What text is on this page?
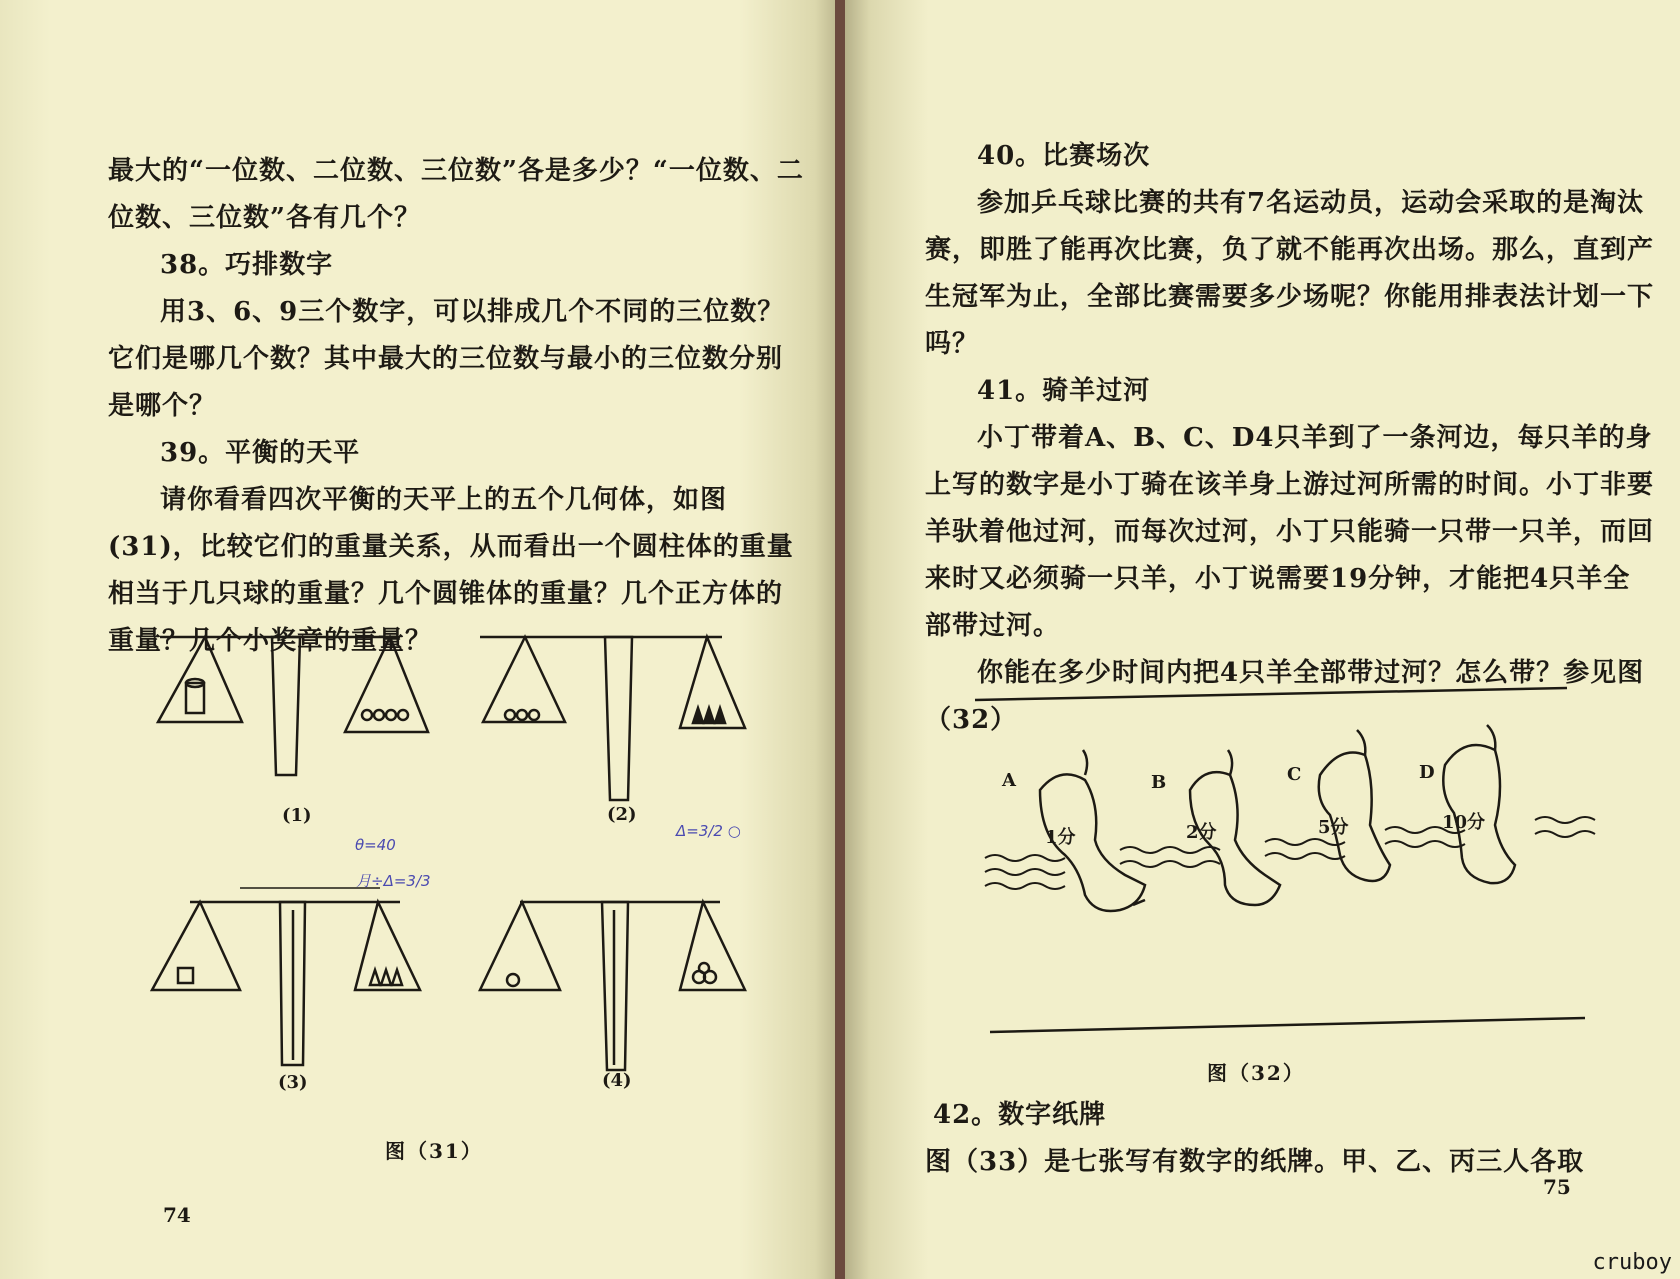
最大的“一位数、二位数、三位数”各是多少？“一位数、二位数、三位数”各有几个？

38。巧排数字

用3、6、9三个数字，可以排成几个不同的三位数？它们是哪几个数？其中最大的三位数与最小的三位数分别是哪个？

39。平衡的天平

请你看看四次平衡的天平上的五个几何体，如图(31)，比较它们的重量关系，从而看出一个圆柱体的重量相当于几只球的重量？几个圆锥体的重量？几个正方体的重量？几个小奖章的重量？

(1)	(2)
(3)	(4)
θ=40
Δ=3/2 ○
月÷Δ=3/3
图（31）
74

40。比赛场次

参加乒乓球比赛的共有7名运动员，运动会采取的是淘汰赛，即胜了能再次比赛，负了就不能再次出场。那么，直到产生冠军为止，全部比赛需要多少场呢？你能用排表法计划一下吗？

41。骑羊过河

小丁带着A、B、C、D4只羊到了一条河边，每只羊的身上写的数字是小丁骑在该羊身上游过河所需的时间。小丁非要羊驮着他过河，而每次过河，小丁只能骑一只带一只羊，而回来时又必须骑一只羊，小丁说需要19分钟，才能把4只羊全部带过河。

你能在多少时间内把4只羊全部带过河？怎么带？参见图（32）

A
1分
B
2分
C
5分
D
10分
图（32）

42。数字纸牌

图（33）是七张写有数字的纸牌。甲、乙、丙三人各取

75
cruboy
